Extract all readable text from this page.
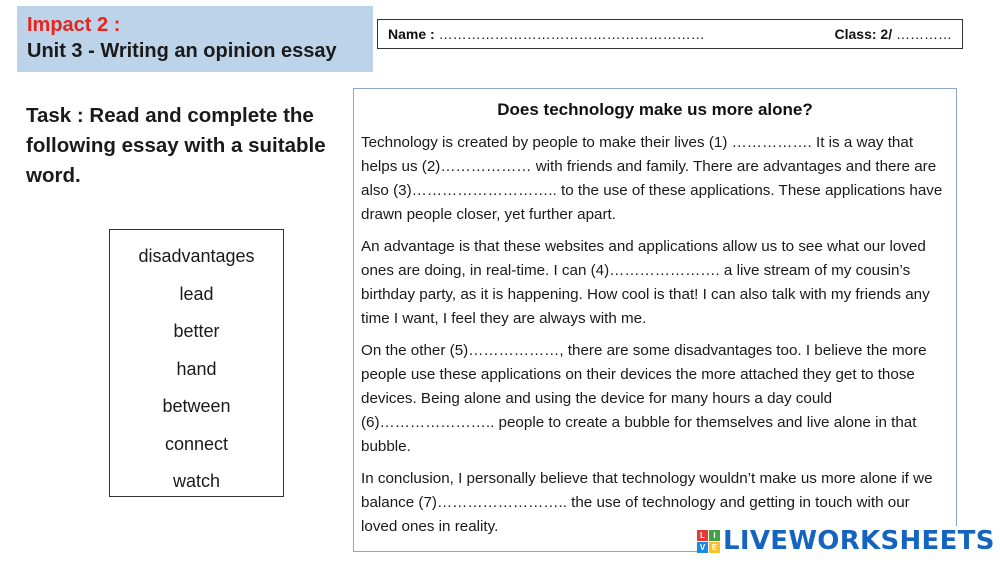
Impact 2 :
Unit 3 - Writing an opinion essay
Name : …………………………………………………	Class: 2/ …………
Task : Read and complete the following essay with a suitable word.
disadvantages
lead
better
hand
between
connect
watch
Does technology make us more alone?

Technology is created by people to make their lives (1) ……………. It is a way that helps us (2)……………… with friends and family. There are advantages and there are also (3)……………………….. to the use of these applications. These applications have drawn people closer, yet further apart.

An advantage is that these websites and applications allow us to see what our loved ones are doing, in real-time. I can (4)…………………. a live stream of my cousin’s birthday party, as it is happening. How cool is that! I can also talk with my friends any time I want, I feel they are always with me.

On the other (5)………………, there are some disadvantages too. I believe the more people use these applications on their devices the more attached they get to those devices. Being alone and using the device for many hours a day could (6)………………….. people to create a bubble for themselves and live alone in that bubble.

In conclusion, I personally believe that technology wouldn’t make us more alone if we balance (7)…………………….. the use of technology and getting in touch with our loved ones in reality.	L	I
V E LIVEWORKSHEETS
